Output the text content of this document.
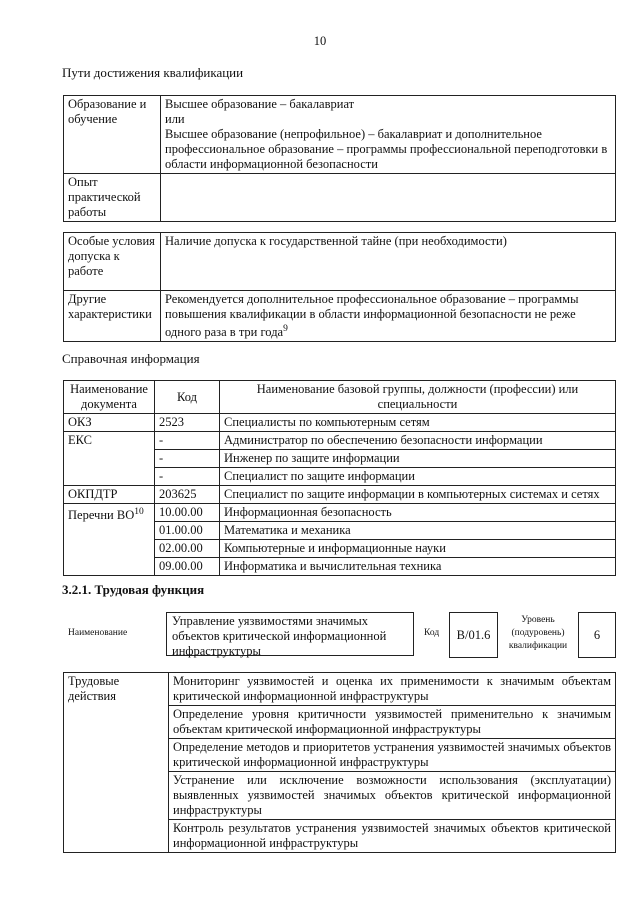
10
Пути достижения квалификации
Образование и обучение	Высшее образование – бакалавриат
или
Высшее образование (непрофильное) – бакалавриат и дополнительное профессиональное образование – программы профессиональной переподготовки в области информационной безопасности

Опыт практической работы	
Особые условия допуска к работе	Наличие допуска к государственной тайне (при необходимости)
Другие характеристики	Рекомендуется дополнительное профессиональное образование – программы повышения квалификации в области информационной безопасности не реже одного раза в три года$^9$
Справочная информация
Наименование документа	Код	Наименование базовой группы, должности (профессии) или специальности
ОКЗ	2523	Специалисты по компьютерным сетям
ЕКС	-	Администратор по обеспечению безопасности информации
	-	Инженер по защите информации
	-	Специалист по защите информации
ОКПДТР	203625	Специалист по защите информации в компьютерных системах и сетях
Перечни ВО$^{10}$	10.00.00	Информационная безопасность
	01.00.00	Математика и механика
	02.00.00	Компьютерные и информационные науки
	09.00.00	Информатика и вычислительная техника
3.2.1. Трудовая функция
Наименование
Управление уязвимостями значимых объектов критической информационной инфраструктуры
Код	B/01.6
Уровень (подуровень) квалификации
6
Трудовые действия	Мониторинг уязвимостей и оценка их применимости к значимым объектам критической информационной инфраструктуры
Определение уровня критичности уязвимостей применительно к значимым объектам критической информационной инфраструктуры
Определение методов и приоритетов устранения уязвимостей значимых объектов критической информационной инфраструктуры
Устранение или исключение возможности использования (эксплуатации) выявленных уязвимостей значимых объектов критической информационной инфраструктуры
Контроль результатов устранения уязвимостей значимых объектов критической информационной инфраструктуры
